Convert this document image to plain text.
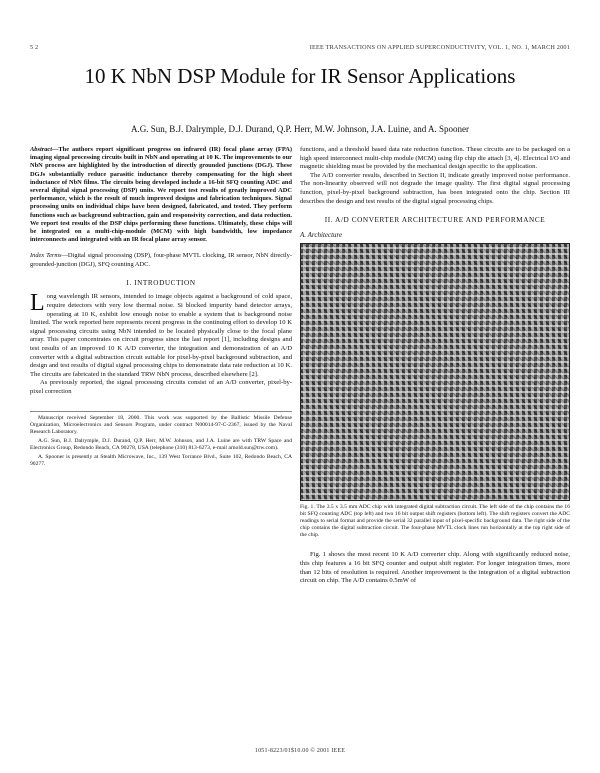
5 2	IEEE TRANSACTIONS ON APPLIED SUPERCONDUCTIVITY, VOL. 1, NO. 1, MARCH 2001
10 K NbN DSP Module for IR Sensor Applications
A.G. Sun, B.J. Dalrymple, D.J. Durand, Q.P. Herr, M.W. Johnson, J.A. Luine, and A. Spooner
Abstract—The authors report significant progress on infrared (IR) focal plane array (FPA) imaging signal processing circuits built in NbN and operating at 10 K. The improvements to our NbN process are highlighted by the introduction of directly grounded junctions (DGJ). These DGJs substantially reduce parasitic inductance thereby compensating for the high sheet inductance of NbN films. The circuits being developed include a 16-bit SFQ counting ADC and several digital signal processing (DSP) units. We report test results of greatly improved ADC performance, which is the result of much improved designs and fabrication techniques. Signal processing units on individual chips have been designed, fabricated, and tested. They perform functions such as background subtraction, gain and responsivity correction, and data reduction. We report test results of the DSP chips performing these functions. Ultimately, these chips will be integrated on a multi-chip-module (MCM) with high bandwidth, low impedance interconnects and integrated with an IR focal plane array sensor.
Index Terms—Digital signal processing (DSP), four-phase MVTL clocking, IR sensor, NbN directly-grounded-junction (DGJ), SFQ counting ADC.
I. INTRODUCTION

Long wavelength IR sensors, intended to image objects against a background of cold space, require detectors with very low thermal noise. Si blocked impurity band detector arrays, operating at 10 K, exhibit low enough noise to enable a system that is background noise limited. The work reported here represents recent progress in the continuing effort to develop 10 K signal processing circuits using NbN intended to be located physically close to the focal plane array. This paper concentrates on circuit progress since the last report [1], including designs and test results of an improved 10 K A/D converter, the integration and demonstration of an A/D converter with a digital subtraction circuit suitable for pixel-by-pixel background subtraction, and design and test results of digital signal processing chips to demonstrate data rate reduction at 10 K. The circuits are fabricated in the standard TRW NbN process, described elsewhere [2].

As previously reported, the signal processing circuits consist of an A/D converter, pixel-by-pixel correction

Manuscript received September 18, 2000. This work was supported by the Ballistic Missile Defense Organization, Microelectronics and Sensors Program, under contract N00014-97-C-2367, issued by the Naval Research Laboratory.

A.G. Sun, B.J. Dalrymple, D.J. Durand, Q.P. Herr, M.W. Johnson, and J.A. Luine are with TRW Space and Electronics Group, Redondo Beach, CA 90278, USA (telephone (310) 813-6273, e-mail arnold.sun@trw.com).

A. Spooner is presently at Stealth Microwave, Inc., 139 West Torrance Blvd., Suite 102, Redondo Beach, CA 90277.

functions, and a threshold based data rate reduction function. These circuits are to be packaged on a high speed interconnect multi-chip module (MCM) using flip chip die attach [3, 4]. Electrical I/O and magnetic shielding must be provided by the mechanical design specific to the application.

The A/D converter results, described in Section II, indicate greatly improved noise performance. The non-linearity observed will not degrade the image quality. The first digital signal processing function, pixel-by-pixel background subtraction, has been integrated onto the chip. Section III describes the design and test results of the digital signal processing chips.

II. A/D CONVERTER ARCHITECTURE AND PERFORMANCE
A. Architecture
Fig. 1. The 3.5 x 3.5 mm ADC chip with integrated digital subtraction circuit. The left side of the chip contains the 16 bit SFQ counting ADC (top left) and two 16 bit output shift registers (bottom left). The shift registers convert the ADC readings to serial format and provide the serial 32 parallel input of pixel-specific background data. The right side of the chip contains the digital subtraction circuit. The four-phase MVTL clock lines run horizontally at the top right side of the chip.

Fig. 1 shows the most recent 10 K A/D converter chip. Along with significantly reduced noise, this chip features a 16 bit SFQ counter and output shift register. For longer integration times, more than 12 bits of resolution is required. Another improvement is the integration of a digital subtraction circuit on chip. The A/D contains 0.5mW of

1051-8223/01$10.00 © 2001 IEEE
